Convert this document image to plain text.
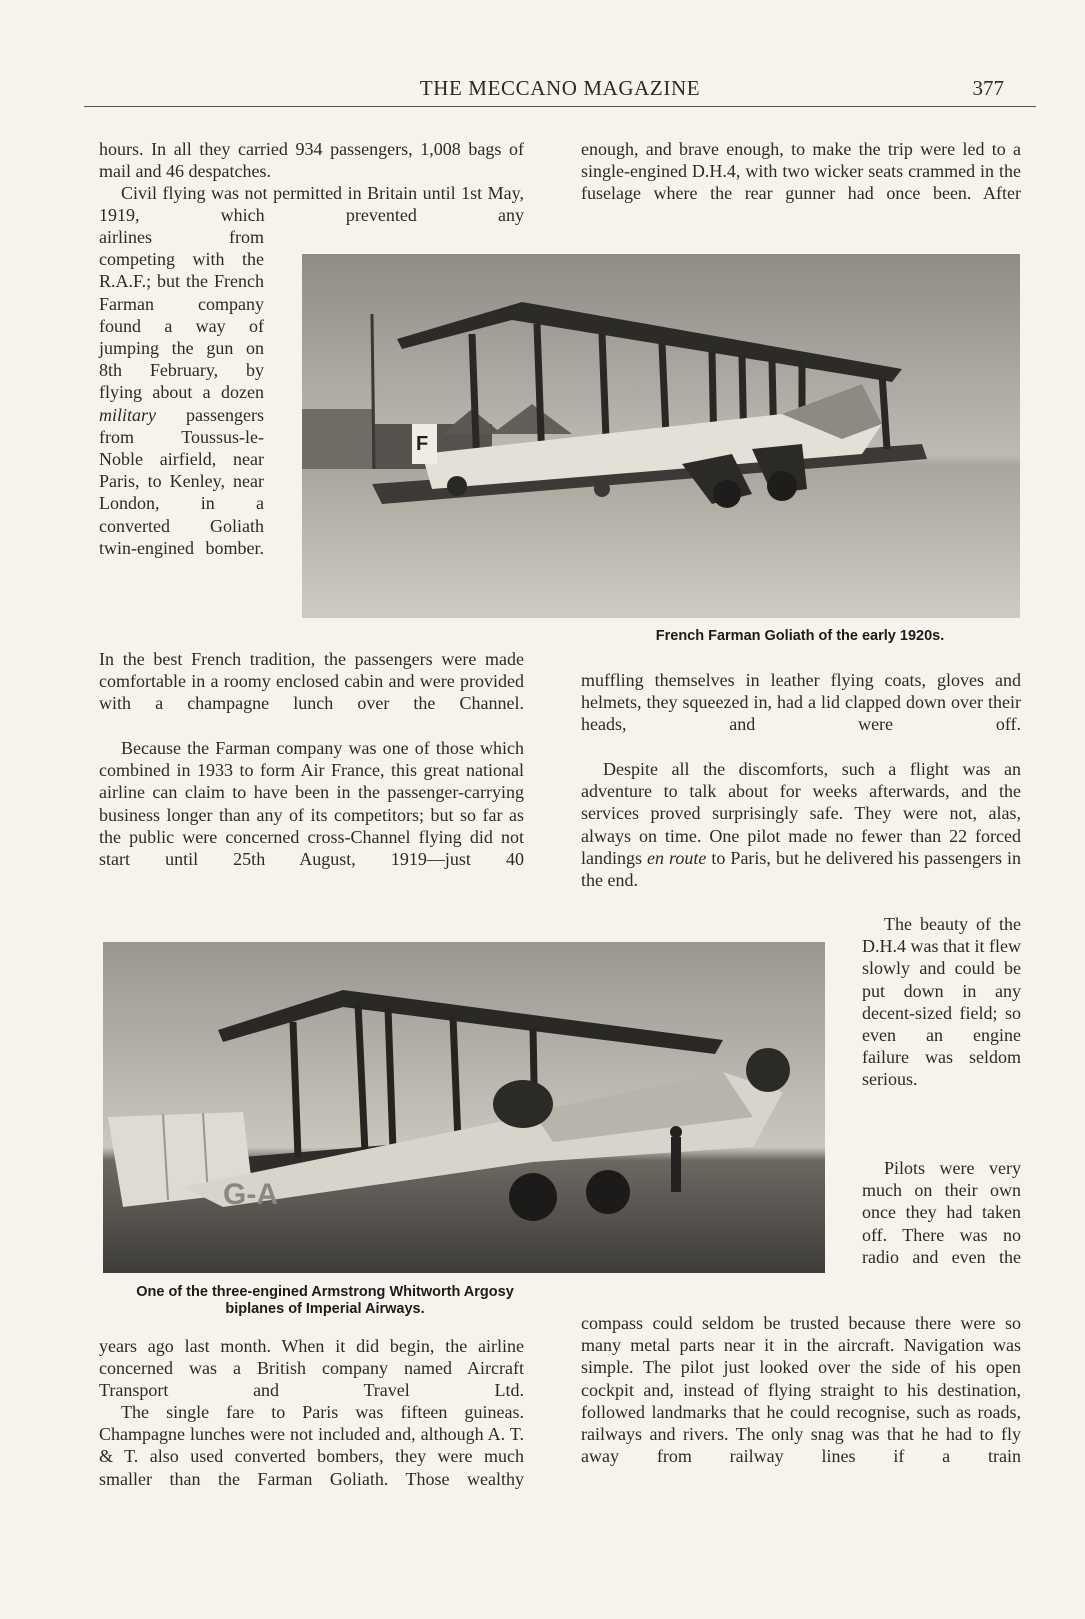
THE MECCANO MAGAZINE	377

hours. In all they carried 934 passengers, 1,008 bags of mail and 46 despatches.

Civil flying was not permitted in Britain until 1st May, 1919, which prevented any

airlines from competing with the R.A.F.; but the French Farman company found a way of jumping the gun on 8th February, by flying about a dozen military passengers from Toussus-le-Noble airfield, near Paris, to Kenley, near London, in a converted Goliath twin-engined bomber.

In the best French tradition, the passengers were made comfortable in a roomy enclosed cabin and were provided with a champagne lunch over the Channel.

Because the Farman company was one of those which combined in 1933 to form Air France, this great national airline can claim to have been in the passenger-carrying business longer than any of its competitors; but so far as the public were concerned cross-Channel flying did not start until 25th August, 1919—just 40

enough, and brave enough, to make the trip were led to a single-engined D.H.4, with two wicker seats crammed in the fuselage where the rear gunner had once been. After

F

French Farman Goliath of the early 1920s.

muffling themselves in leather flying coats, gloves and helmets, they squeezed in, had a lid clapped down over their heads, and were off.

Despite all the discomforts, such a flight was an adventure to talk about for weeks afterwards, and the services proved surprisingly safe. They were not, alas, always on time. One pilot made no fewer than 22 forced landings en route to Paris, but he delivered his passengers in the end.

The beauty of the D.H.4 was that it flew slowly and could be put down in any decent-sized field; so even an engine failure was seldom serious.

Pilots were very much on their own once they had taken off. There was no radio and even the

compass could seldom be trusted because there were so many metal parts near it in the aircraft. Navigation was simple. The pilot just looked over the side of his open cockpit and, instead of flying straight to his destination, followed landmarks that he could recognise, such as roads, railways and rivers. The only snag was that he had to fly away from railway lines if a train

G-A

One of the three-engined Armstrong Whitworth Argosy
biplanes of Imperial Airways.

years ago last month. When it did begin, the airline concerned was a British company named Aircraft Transport and Travel Ltd.

The single fare to Paris was fifteen guineas. Champagne lunches were not included and, although A. T. & T. also used converted bombers, they were much smaller than the Farman Goliath. Those wealthy
